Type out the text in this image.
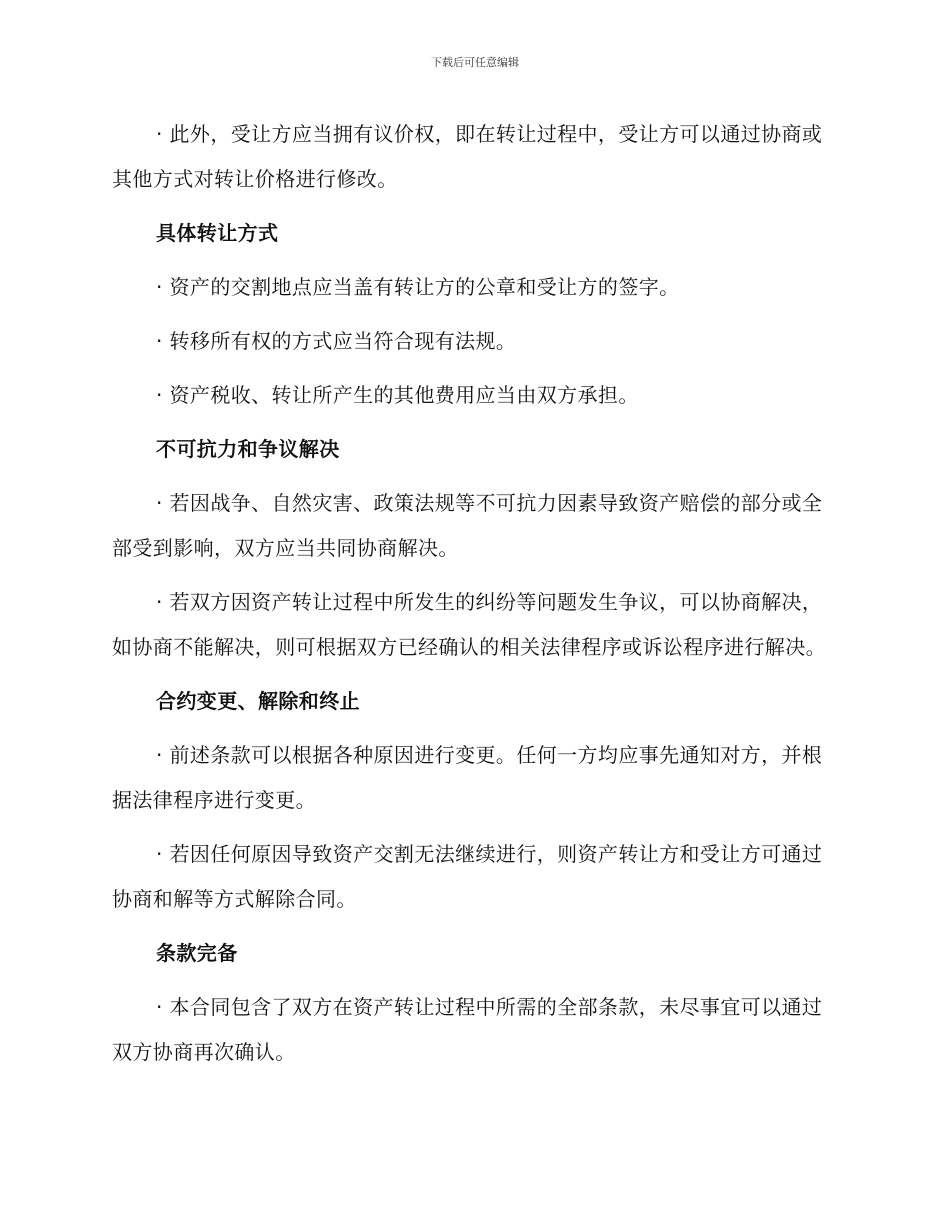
下载后可任意编辑

· 此外，受让方应当拥有议价权，即在转让过程中，受让方可以通过协商或其他方式对转让价格进行修改。

具体转让方式

· 资产的交割地点应当盖有转让方的公章和受让方的签字。

· 转移所有权的方式应当符合现有法规。

· 资产税收、转让所产生的其他费用应当由双方承担。

不可抗力和争议解决

· 若因战争、自然灾害、政策法规等不可抗力因素导致资产赔偿的部分或全部受到影响，双方应当共同协商解决。

· 若双方因资产转让过程中所发生的纠纷等问题发生争议，可以协商解决，如协商不能解决，则可根据双方已经确认的相关法律程序或诉讼程序进行解决。

合约变更、解除和终止

· 前述条款可以根据各种原因进行变更。任何一方均应事先通知对方，并根据法律程序进行变更。

· 若因任何原因导致资产交割无法继续进行，则资产转让方和受让方可通过协商和解等方式解除合同。

条款完备

· 本合同包含了双方在资产转让过程中所需的全部条款，未尽事宜可以通过双方协商再次确认。
